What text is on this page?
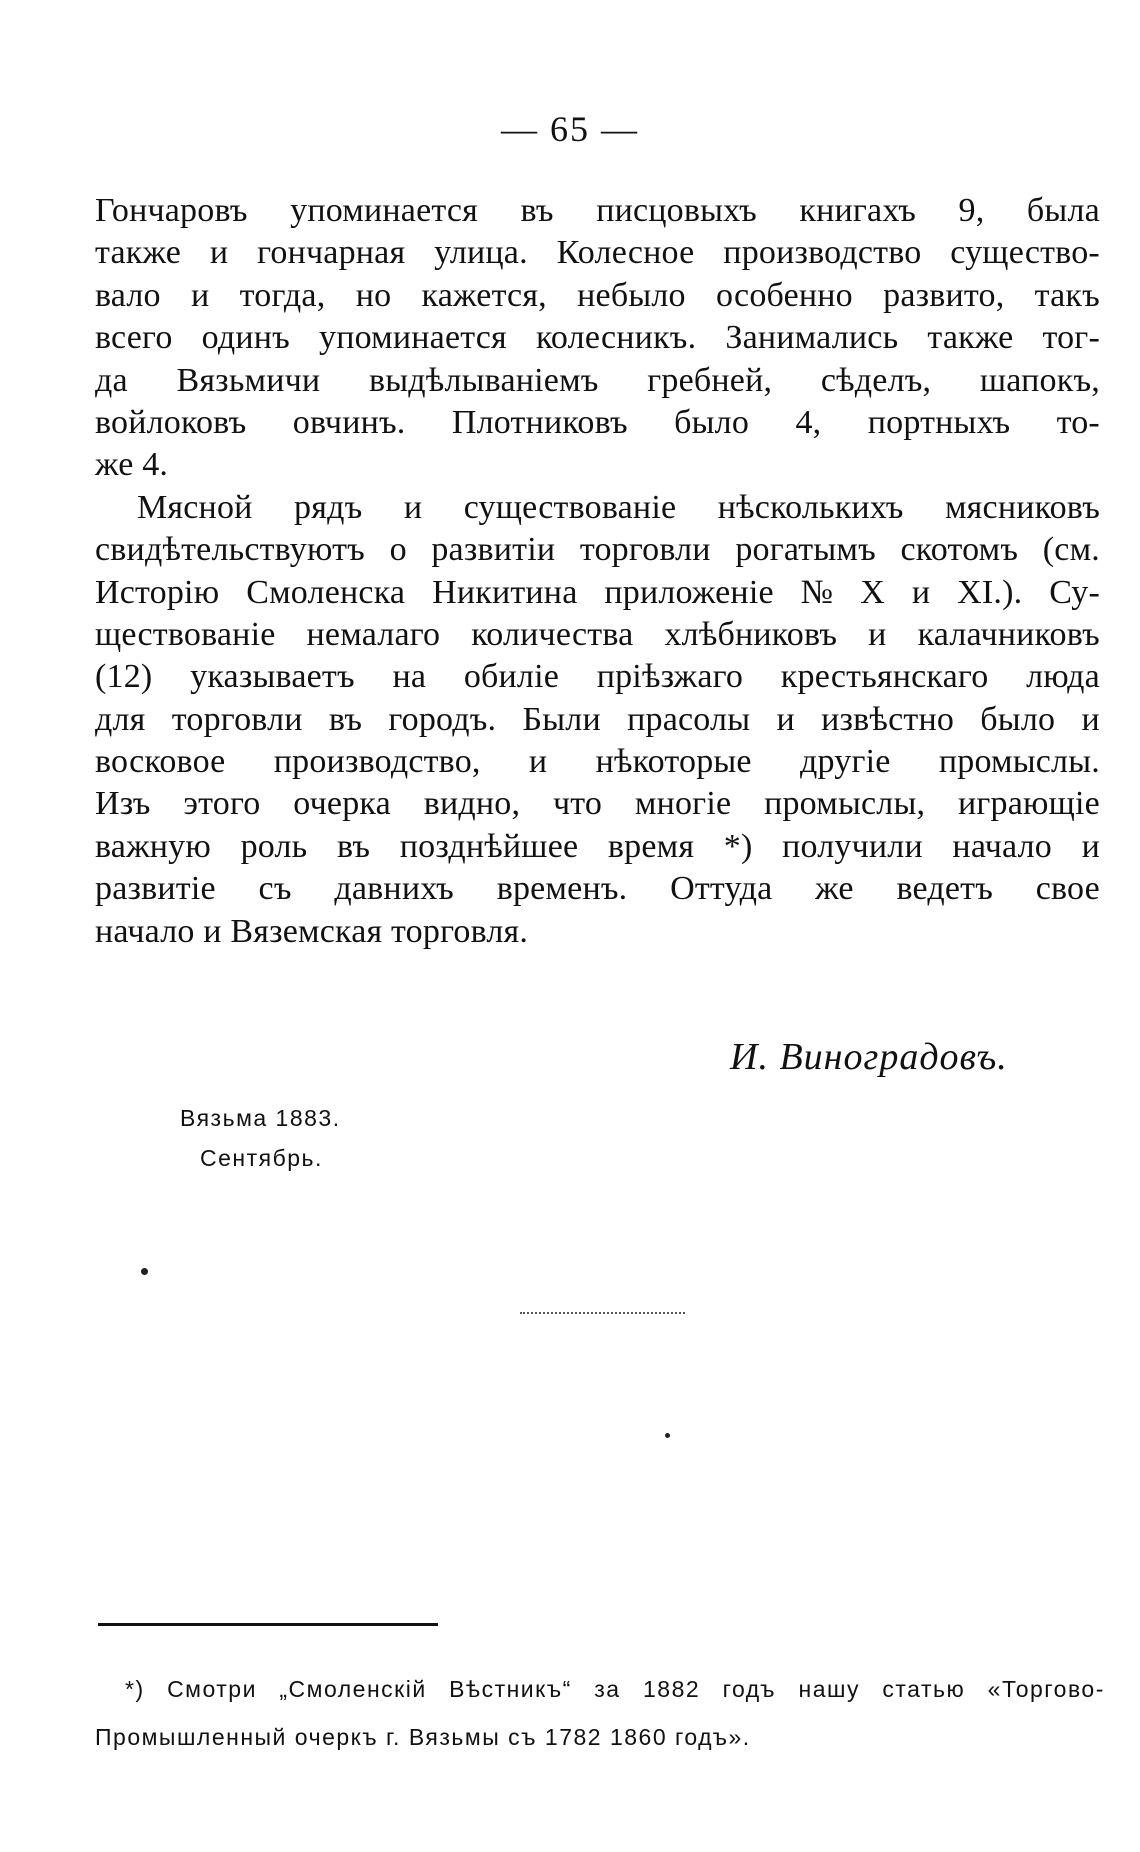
— 65 —
Гончаровъ упоминается въ писцовыхъ книгахъ 9, была
также и гончарная улица. Колесное производство существо-
вало и тогда, но кажется, небыло особенно развито, такъ
всего одинъ упоминается колесникъ. Занимались также тог-
да Вязьмичи выдѣлываніемъ гребней, сѣделъ, шапокъ,
войлоковъ овчинъ. Плотниковъ было 4, портныхъ то-
же 4.
Мясной рядъ и существованіе нѣсколькихъ мясниковъ
свидѣтельствуютъ о развитіи торговли рогатымъ скотомъ (см.
Исторію Смоленска Никитина приложеніе № Х и ХІ.). Су-
ществованіе немалаго количества хлѣбниковъ и калачниковъ
(12) указываетъ на обиліе пріѣзжаго крестьянскаго люда
для торговли въ городъ. Были прасолы и извѣстно было и
восковое производство, и нѣкоторые другіе промыслы.
Изъ этого очерка видно, что многіе промыслы, играющіе
важную роль въ позднѣйшее время *) получили начало и
развитіе съ давнихъ временъ. Оттуда же ведетъ свое
начало и Вяземская торговля.
И. Виноградовъ.
Вязьма 1883.
Сентябрь.
*) Смотри „Смоленскій Вѣстникъ“ за 1882 годъ нашу статью «Торгово-
Промышленный очеркъ г. Вязьмы съ 1782 1860 годъ».
